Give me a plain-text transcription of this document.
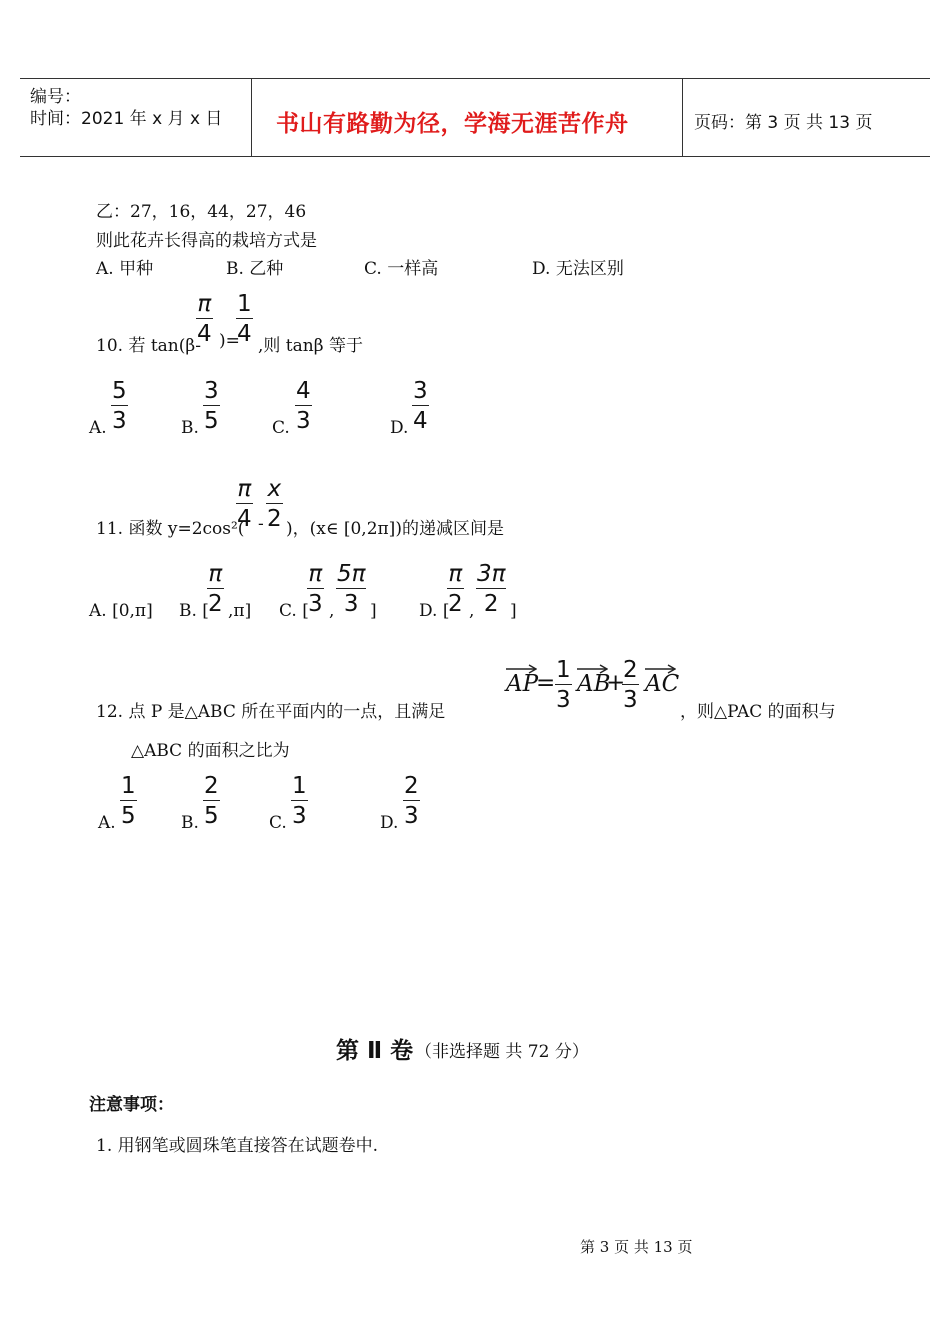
编号：
时间：2021 年 x 月 x 日 书山有路勤为径，学海无涯苦作舟	页码：第 3 页 共 13 页
乙：27，16，44，27，46
则此花卉长得高的栽培方式是
A. 甲种	B. 乙种	C. 一样高	D. 无法区别
10. 若 tan(β-
π
4 )=
1
4 ,则 tanβ 等于
A.
5
3	B.
3
5	C.
4
3	D.
3
4
11. 函数 y=2cos²(
π
4 -
x
2 )，(x∈ [0,2π])的递减区间是
A. [0,π] B. [
π
2 ,π] C. [
π
3 ,
5π
3 ] D. [
π
2 ,
3π
2 ]
12. 点 P 是△ABC 所在平面内的一点，且满足
AP
= 1
3
AB
+
2
3
AC
，则△PAC 的面积与
△ABC 的面积之比为
A.
1
5	B.
2
5	C.
1
3	D.
2
3
第 Ⅱ 卷 （非选择题 共 72 分）
注意事项：
1. 用钢笔或圆珠笔直接答在试题卷中.
第 3 页 共 13 页
